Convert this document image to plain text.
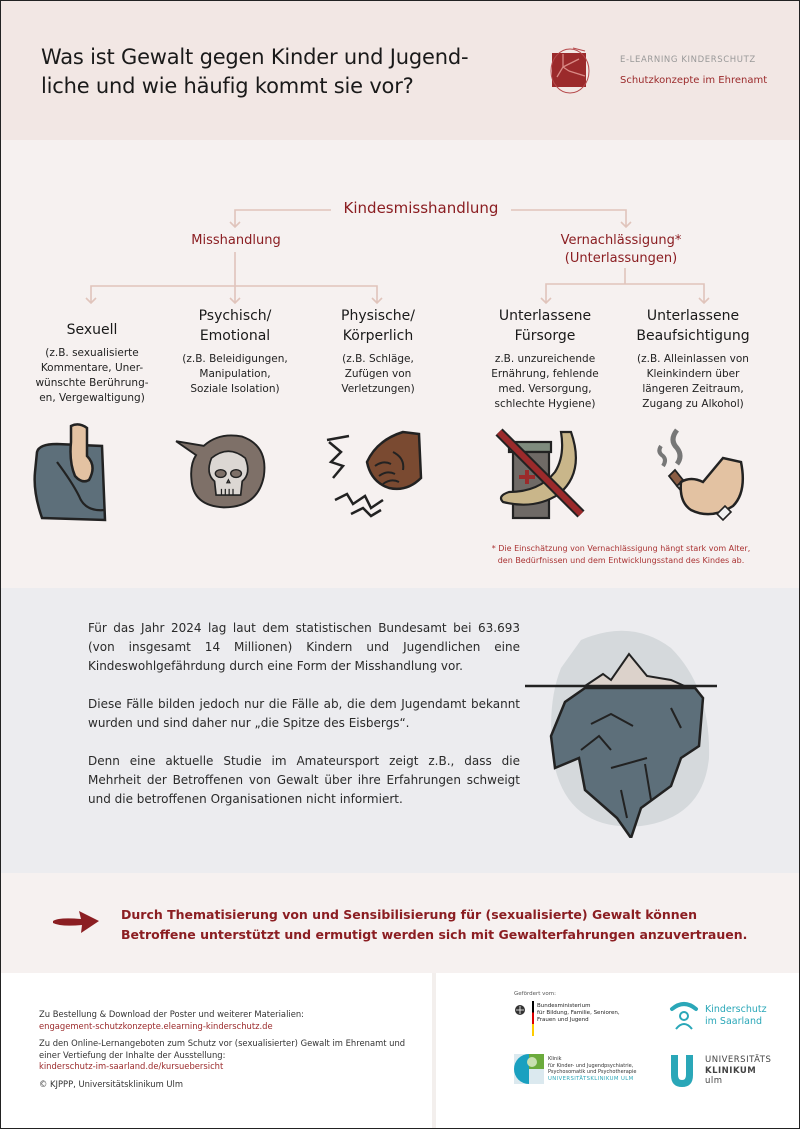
Was ist Gewalt gegen Kinder und Jugend-
liche und wie häufig kommt sie vor?
E-LEARNING KINDERSCHUTZ
Schutzkonzepte im Ehrenamt
Kindesmisshandlung
Misshandlung	Vernachlässigung*
(Unterlassungen)
Sexuell
(z.B. sexualisierte
Kommentare, Uner-
wünschte Berührung-
en, Vergewaltigung)
Psychisch/
Emotional
(z.B. Beleidigungen,
Manipulation,
Soziale Isolation)
Physische/
Körperlich
(z.B. Schläge,
Zufügen von
Verletzungen)
Unterlassene
Fürsorge
z.B. unzureichende
Ernährung, fehlende
med. Versorgung,
schlechte Hygiene)
Unterlassene
Beaufsichtigung
(z.B. Alleinlassen von
Kleinkindern über
längeren Zeitraum,
Zugang zu Alkohol)
* Die Einschätzung von Vernachlässigung hängt stark vom Alter,
den Bedürfnissen und dem Entwicklungsstand des Kindes ab.

Für das Jahr 2024 lag laut dem statistischen Bundesamt bei 63.693 (von insgesamt 14 Millionen) Kindern und Jugendlichen eine Kindeswohlgefährdung durch eine Form der Misshandlung vor.

Diese Fälle bilden jedoch nur die Fälle ab, die dem Jugendamt bekannt wurden und sind daher nur „die Spitze des Eisbergs“.

Denn eine aktuelle Studie im Amateursport zeigt z.B., dass die Mehrheit der Betroffenen von Gewalt über ihre Erfahrungen schweigt und die betroffenen Organisationen nicht informiert.

Durch Thematisierung von und Sensibilisierung für (sexualisierte) Gewalt können Betroffene unterstützt und ermutigt werden sich mit Gewalterfahrungen anzuvertrauen.
Zu Bestellung & Download der Poster und weiterer Materialien:
engagement-schutzkonzepte.elearning-kinderschutz.de
Zu den Online-Lernangeboten zum Schutz vor (sexualisierter) Gewalt im Ehrenamt und einer Vertiefung der Inhalte der Ausstellung:
kinderschutz-im-saarland.de/kursuebersicht
© KJPPP, Universitätsklinikum Ulm
Gefördert vom:
Bundesministerium
für Bildung, Familie, Senioren,
Frauen und Jugend
Kinderschutz
im Saarland
Klinik
für Kinder- und Jugendpsychiatrie,
Psychosomatik und Psychotherapie
UNIVERSITÄTSKLINIKUM ULM
UNIVERSITÄTS
KLINIKUM
ulm
